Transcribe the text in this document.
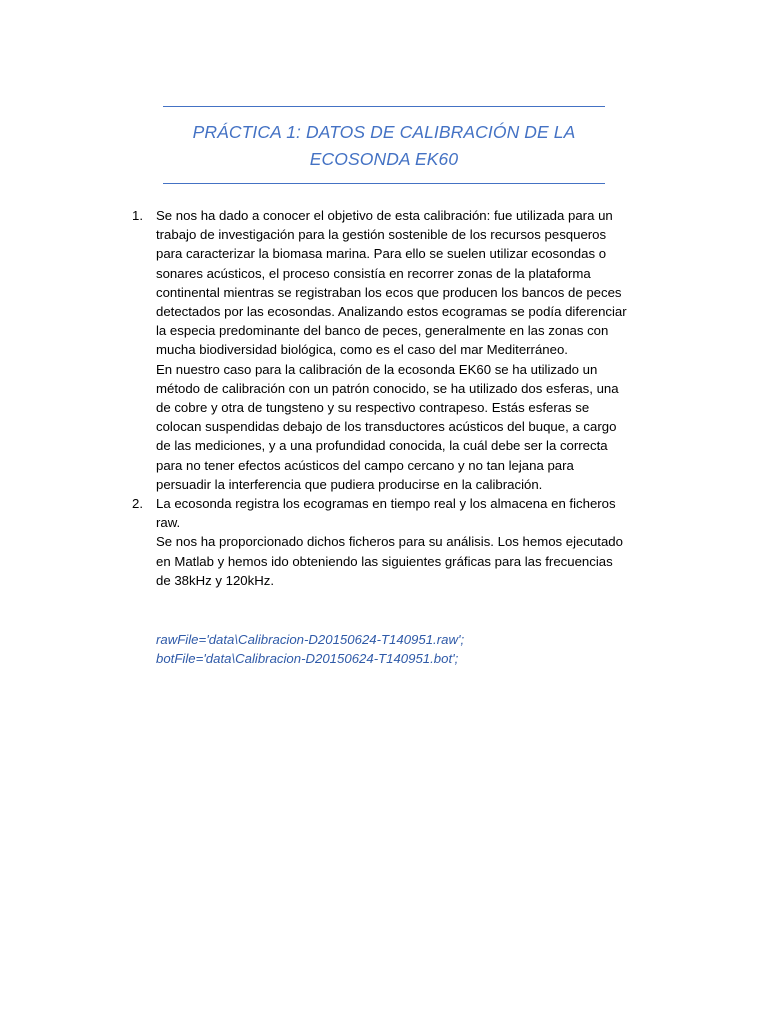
PRÁCTICA 1: DATOS DE CALIBRACIÓN DE LA
ECOSONDA EK60
1. Se nos ha dado a conocer el objetivo de esta calibración: fue utilizada para un
trabajo de investigación para la gestión sostenible de los recursos pesqueros
para caracterizar la biomasa marina. Para ello se suelen utilizar ecosondas o
sonares acústicos, el proceso consistía en recorrer zonas de la plataforma
continental mientras se registraban los ecos que producen los bancos de peces
detectados por las ecosondas. Analizando estos ecogramas se podía diferenciar
la especia predominante del banco de peces, generalmente en las zonas con
mucha biodiversidad biológica, como es el caso del mar Mediterráneo.
En nuestro caso para la calibración de la ecosonda EK60 se ha utilizado un
método de calibración con un patrón conocido, se ha utilizado dos esferas, una
de cobre y otra de tungsteno y su respectivo contrapeso. Estás esferas se
colocan suspendidas debajo de los transductores acústicos del buque, a cargo
de las mediciones, y a una profundidad conocida, la cuál debe ser la correcta
para no tener efectos acústicos del campo cercano y no tan lejana para
persuadir la interferencia que pudiera producirse en la calibración.
2. La ecosonda registra los ecogramas en tiempo real y los almacena en ficheros
raw.
Se nos ha proporcionado dichos ficheros para su análisis. Los hemos ejecutado
en Matlab y hemos ido obteniendo las siguientes gráficas para las frecuencias
de 38kHz y 120kHz.
rawFile='data\Calibracion-D20150624-T140951.raw';
botFile='data\Calibracion-D20150624-T140951.bot';
